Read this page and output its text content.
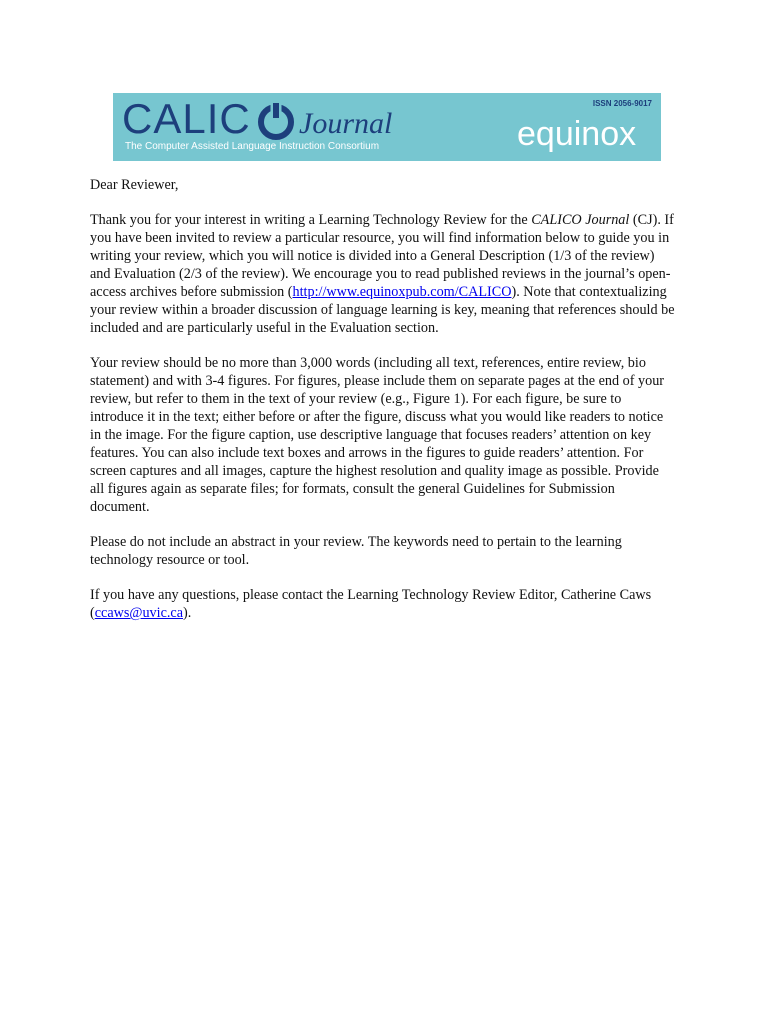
CALIC Journal
The Computer Assisted Language Instruction Consortium
ISSN 2056-9017
equinox

Dear Reviewer,

Thank you for your interest in writing a Learning Technology Review for the CALICO Journal (CJ). If you have been invited to review a particular resource, you will find information below to guide you in writing your review, which you will notice is divided into a General Description (1/3 of the review) and Evaluation (2/3 of the review). We encourage you to read published reviews in the journal’s open-access archives before submission (http://www.equinoxpub.com/CALICO). Note that contextualizing your review within a broader discussion of language learning is key, meaning that references should be included and are particularly useful in the Evaluation section.

Your review should be no more than 3,000 words (including all text, references, entire review, bio statement) and with 3-4 figures. For figures, please include them on separate pages at the end of your review, but refer to them in the text of your review (e.g., Figure 1). For each figure, be sure to introduce it in the text; either before or after the figure, discuss what you would like readers to notice in the image. For the figure caption, use descriptive language that focuses readers’ attention on key features. You can also include text boxes and arrows in the figures to guide readers’ attention. For screen captures and all images, capture the highest resolution and quality image as possible. Provide all figures again as separate files; for formats, consult the general Guidelines for Submission document.

Please do not include an abstract in your review. The keywords need to pertain to the learning technology resource or tool.

If you have any questions, please contact the Learning Technology Review Editor, Catherine Caws (ccaws@uvic.ca).
